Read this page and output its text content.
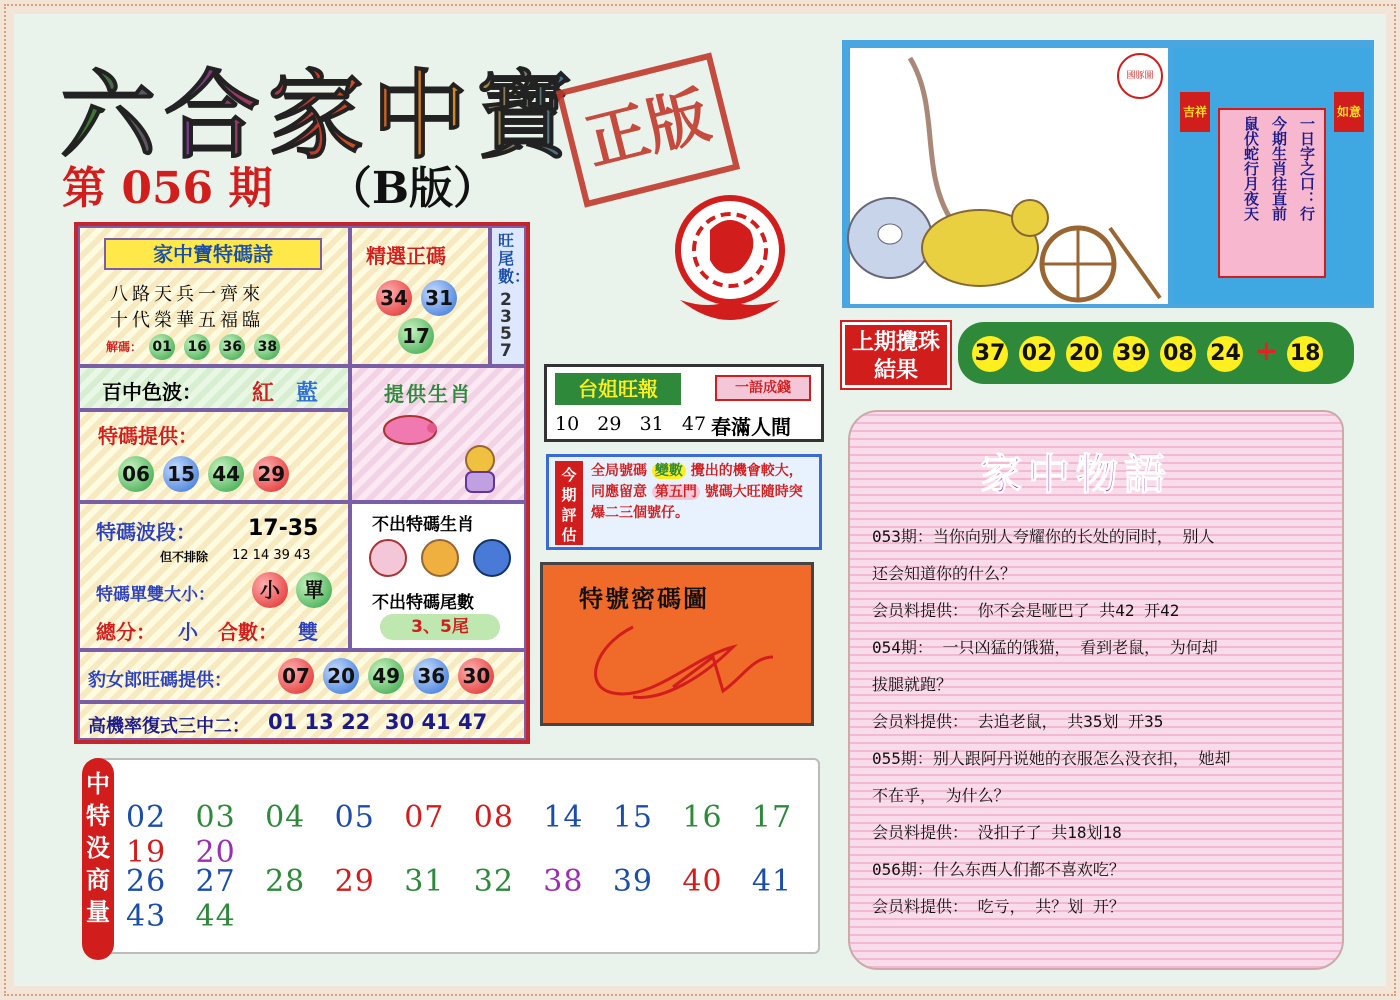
六合家中寶
第 056 期 （B版）
正版
家中寶特碼詩
八路天兵一齊來
十代榮華五福臨
解碼： 01 16 36 38
精選正碼
34 31
17
旺尾數：
2357
百中色波： 紅 藍	提供生肖
特碼提供：
06 15 44 29
特碼波段： 17-35
但不排除 12 14 39 43
特碼單雙大小：	小	單
總分： 小 合數： 雙
不出特碼生肖
不出特碼尾數
3、5尾
豹女郎旺碼提供：	07 20 49 36 30
高機率復式三中二： 01 13 22  30 41 47
台姐旺報	一語成錢
10   29   31   47 春滿人間
今期評估
全局號碼 變數 攪出的機會較大，同應留意 第五門 號碼大旺隨時突爆二三個號仔。
特號密碼圖
國豚圖
吉祥	如意
一日字之口：行
今期生肖往直前
鼠伏蛇行月夜天
上期攪珠結果
37 02 20 39 08 24 + 18
家中物語
053期：当你向别人夸耀你的长处的同时， 别人
还会知道你的什么？
会员料提供： 你不会是哑巴了 共42 开42
054期： 一只凶猛的饿猫， 看到老鼠， 为何却
拔腿就跑？
会员料提供： 去追老鼠， 共35划 开35
055期：别人跟阿丹说她的衣服怎么没衣扣， 她却
不在乎， 为什么？
会员料提供： 没扣子了 共18划18
056期：什么东西人们都不喜欢吃？
会员料提供： 吃亏， 共？划 开？
02 03 04 05 07 08 14 15 16 17 19 20
26 27 28 29 31 32 38 39 40 41 43 44
中特没商量
